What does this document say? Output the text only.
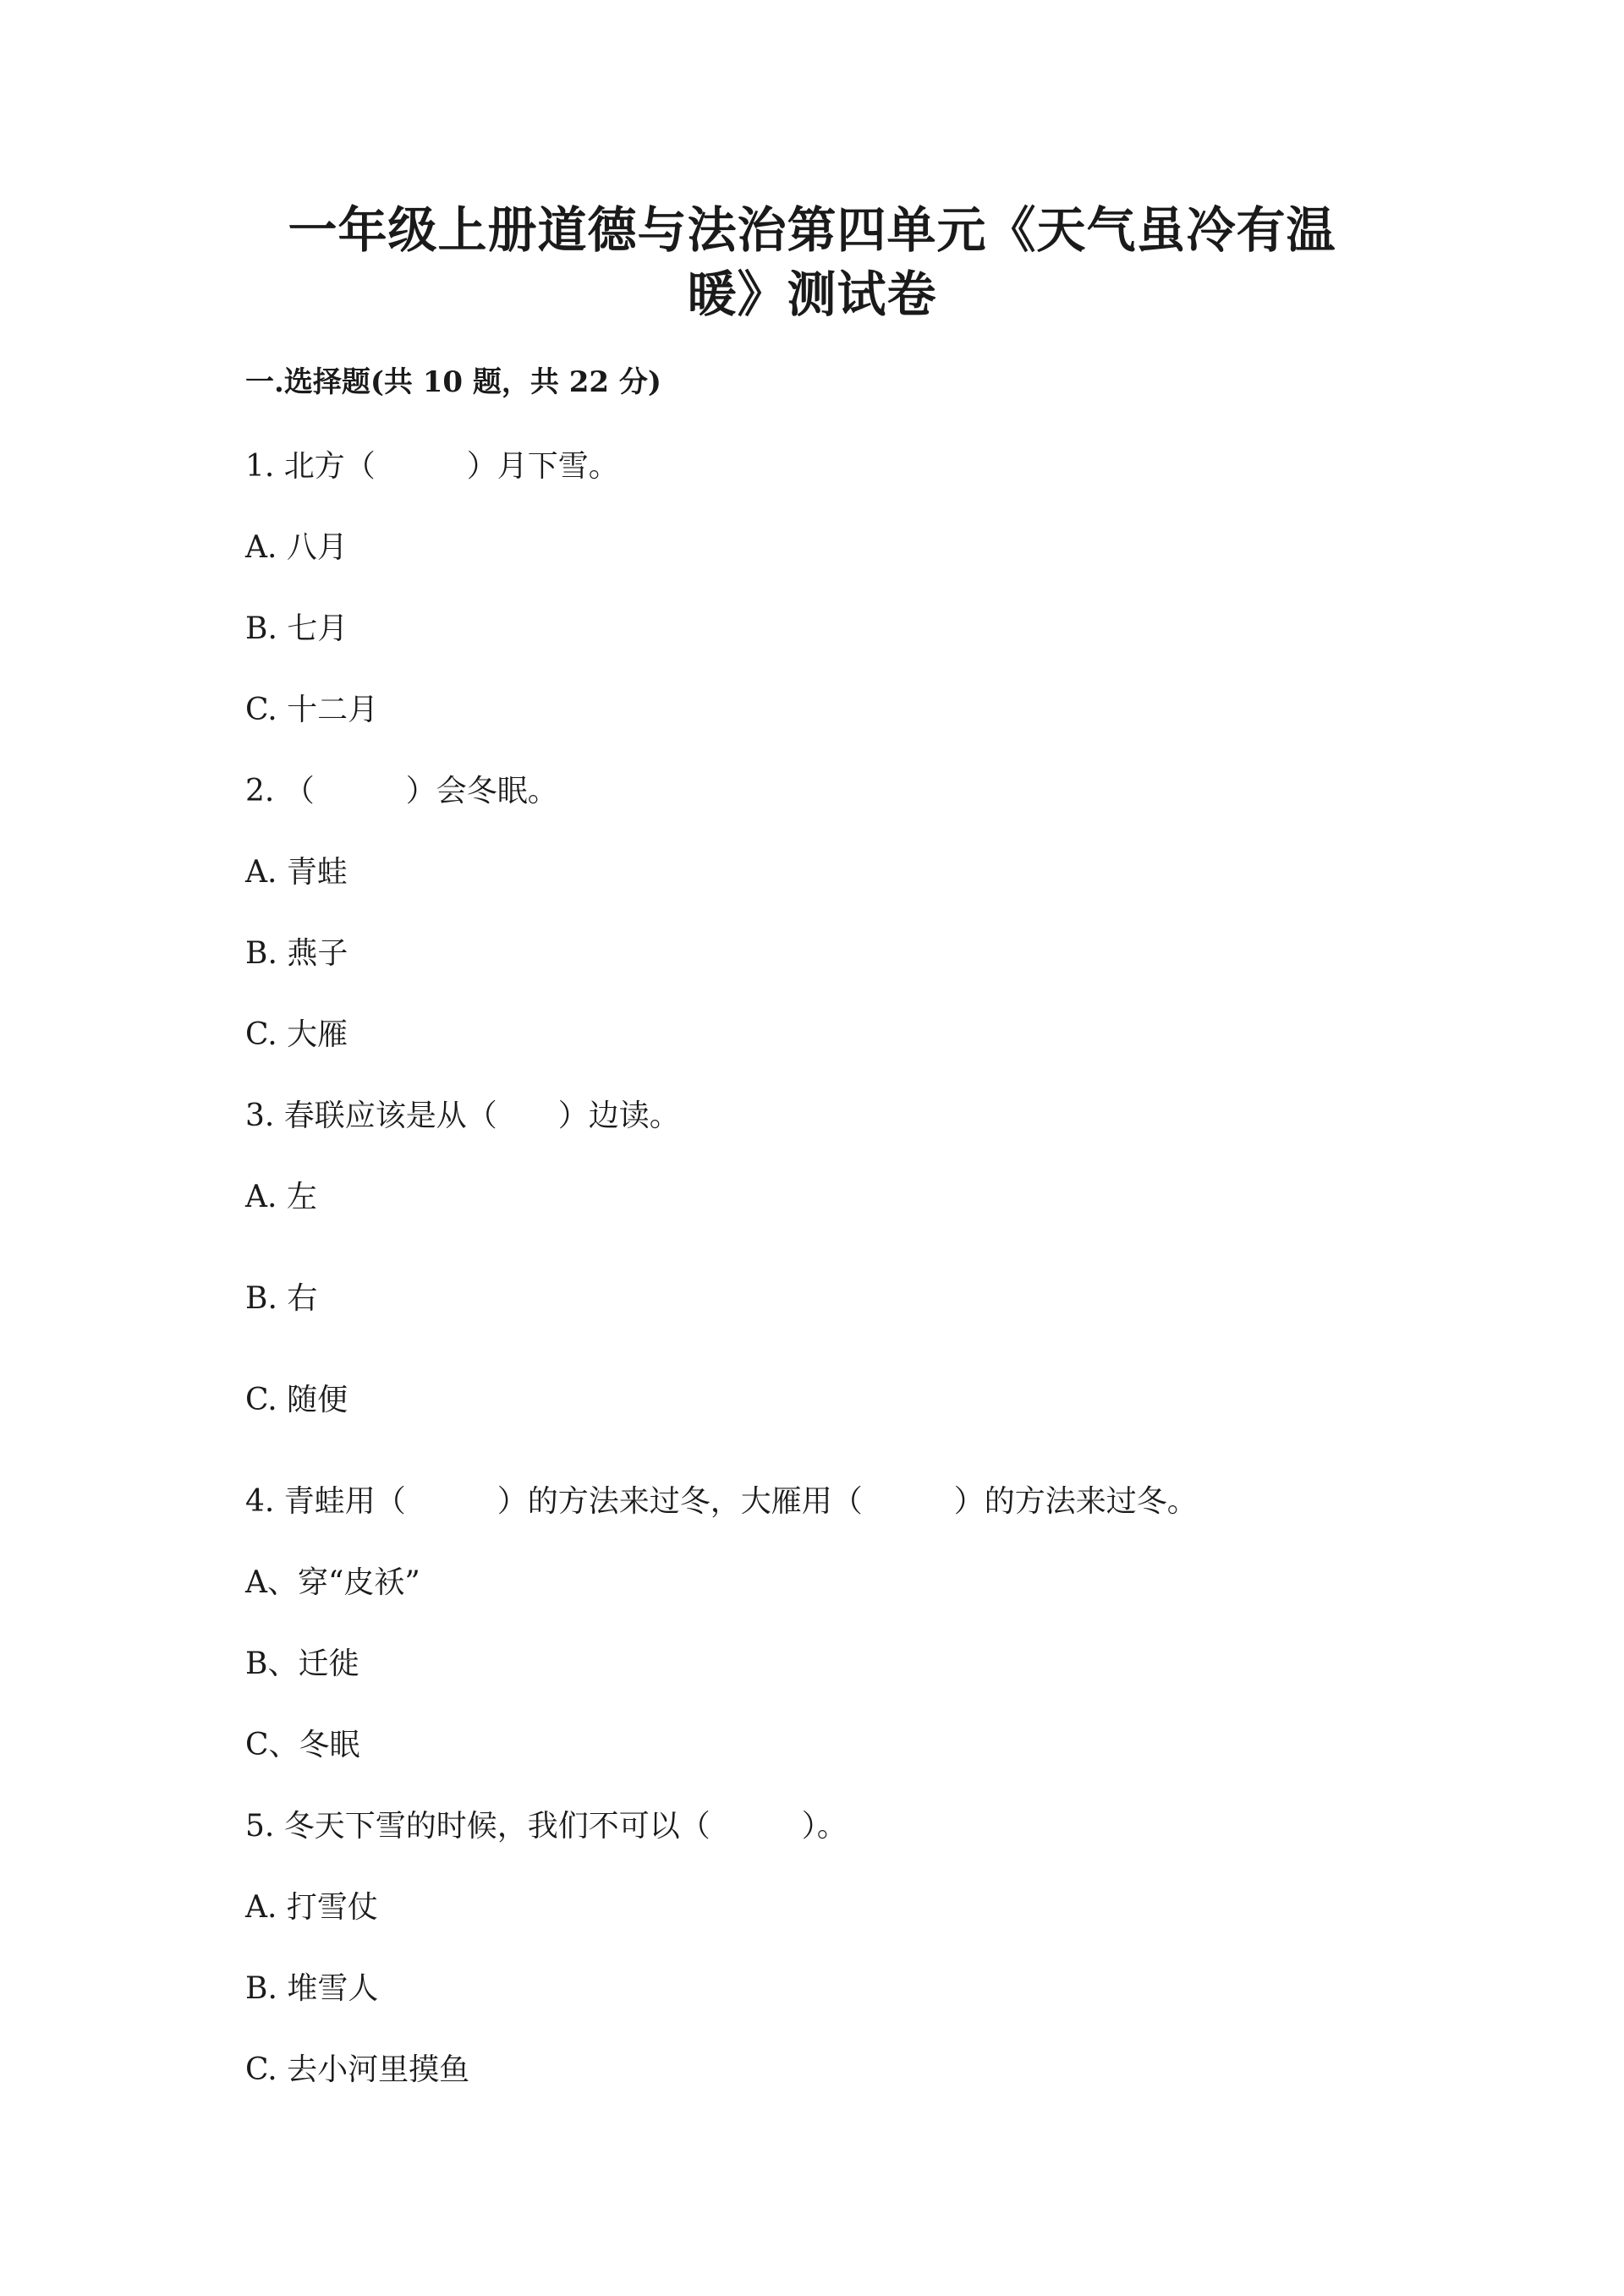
一年级上册道德与法治第四单元《天气虽冷有温
暖》测试卷
一.选择题(共 10 题，共 22 分)
1. 北方（　　　）月下雪。
A. 八月
B. 七月
C. 十二月
2. （　　　）会冬眠。
A. 青蛙
B. 燕子
C. 大雁
3. 春联应该是从（　　）边读。
A. 左
B. 右
C. 随便
4. 青蛙用（　　　）的方法来过冬，大雁用（　　　）的方法来过冬。
A、穿“皮袄”
B、迁徙
C、冬眠
5. 冬天下雪的时候，我们不可以（　　　）。
A. 打雪仗
B. 堆雪人
C. 去小河里摸鱼
